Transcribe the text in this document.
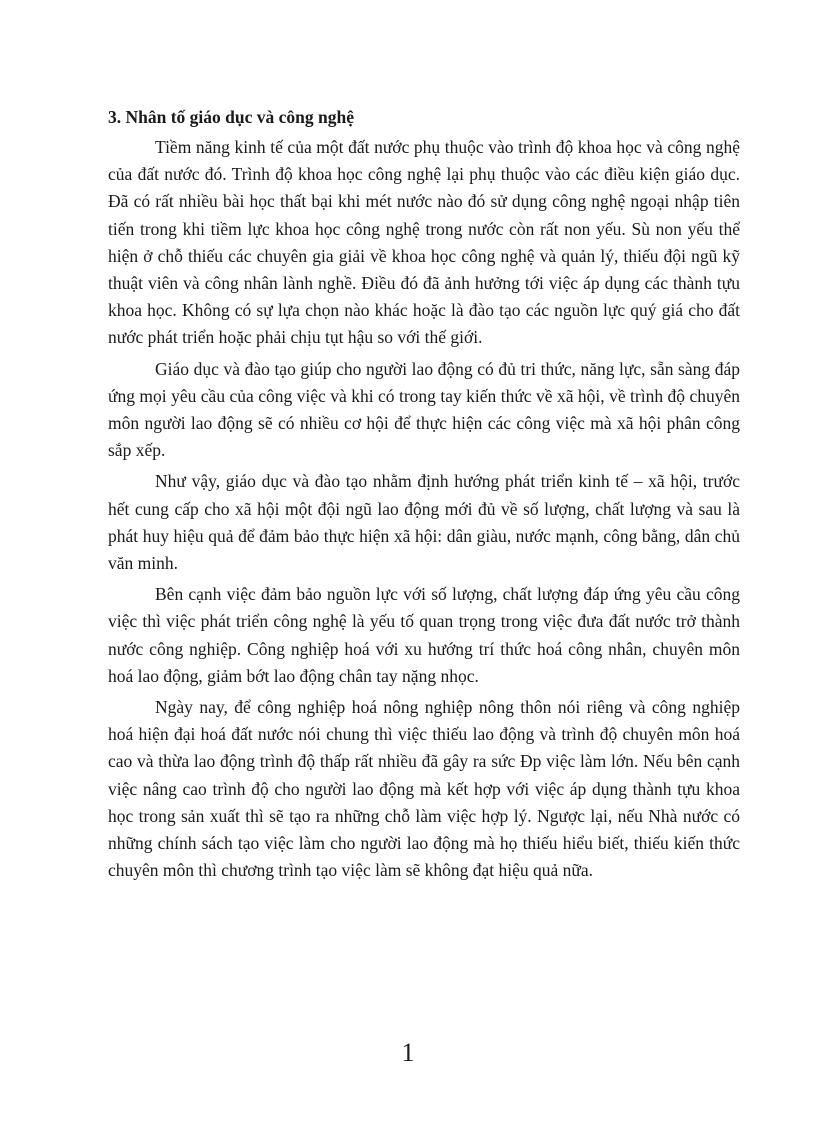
3. Nhân tố giáo dục và công nghệ

Tiềm năng kinh tế của một đất nước phụ thuộc vào trình độ khoa học và công nghệ của đất nước đó. Trình độ khoa học công nghệ lại phụ thuộc vào các điều kiện giáo dục. Đã có rất nhiều bài học thất bại khi mét nước nào đó sử dụng công nghệ ngoại nhập tiên tiến trong khi tiềm lực khoa học công nghệ trong nước còn rất non yếu. Sù non yếu thể hiện ở chỗ thiếu các chuyên gia giải về khoa học công nghệ và quản lý, thiếu đội ngũ kỹ thuật viên và công nhân lành nghề. Điều đó đã ảnh hưởng tới việc áp dụng các thành tựu khoa học. Không có sự lựa chọn nào khác hoặc là đào tạo các nguồn lực quý giá cho đất nước phát triển hoặc phải chịu tụt hậu so với thế giới.

Giáo dục và đào tạo giúp cho người lao động có đủ tri thức, năng lực, sẵn sàng đáp ứng mọi yêu cầu của công việc và khi có trong tay kiến thức về xã hội, về trình độ chuyên môn người lao động sẽ có nhiều cơ hội để thực hiện các công việc mà xã hội phân công sắp xếp.

Như vậy, giáo dục và đào tạo nhằm định hướng phát triển kinh tế – xã hội, trước hết cung cấp cho xã hội một đội ngũ lao động mới đủ về số lượng, chất lượng và sau là phát huy hiệu quả để đảm bảo thực hiện xã hội: dân giàu, nước mạnh, công bằng, dân chủ văn minh.

Bên cạnh việc đảm bảo nguồn lực với số lượng, chất lượng đáp ứng yêu cầu công việc thì việc phát triển công nghệ là yếu tố quan trọng trong việc đưa đất nước trở thành nước công nghiệp. Công nghiệp hoá với xu hướng trí thức hoá công nhân, chuyên môn hoá lao động, giảm bớt lao động chân tay nặng nhọc.

Ngày nay, để công nghiệp hoá nông nghiệp nông thôn nói riêng và công nghiệp hoá hiện đại hoá đất nước nói chung thì việc thiếu lao động và trình độ chuyên môn hoá cao và thừa lao động trình độ thấp rất nhiều đã gây ra sức Đp việc làm lớn. Nếu bên cạnh việc nâng cao trình độ cho người lao động mà kết hợp với việc áp dụng thành tựu khoa học trong sản xuất thì sẽ tạo ra những chỗ làm việc hợp lý. Ngược lại, nếu Nhà nước có những chính sách tạo việc làm cho người lao động mà họ thiếu hiểu biết, thiếu kiến thức chuyên môn thì chương trình tạo việc làm sẽ không đạt hiệu quả nữa.

1
